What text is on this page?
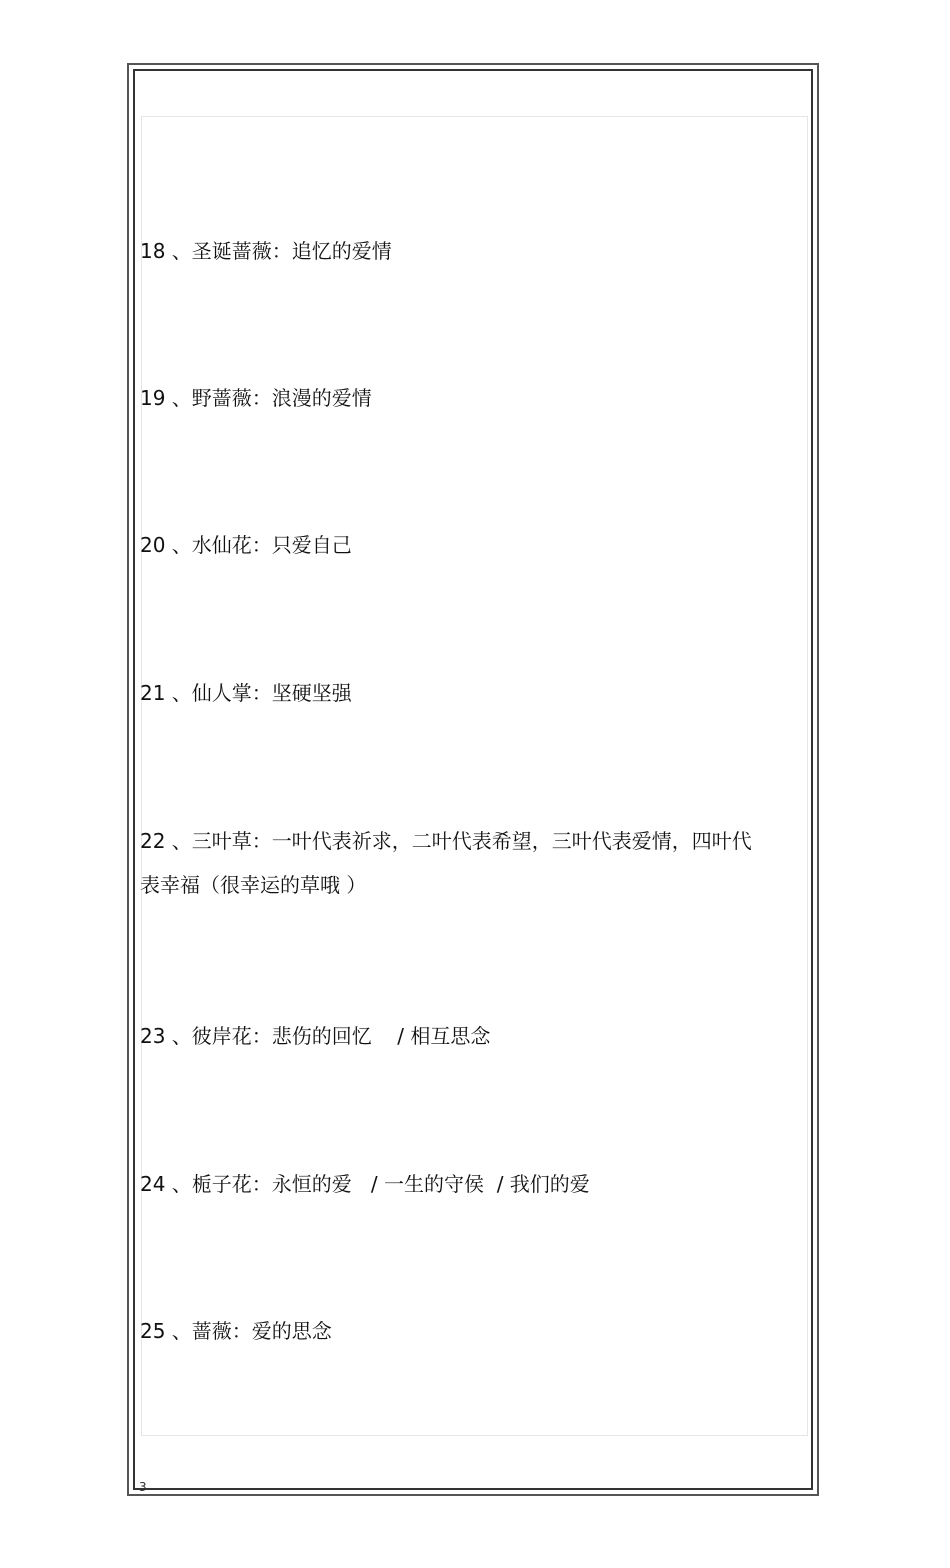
18 、圣诞蔷薇：追忆的爱情

19 、野蔷薇：浪漫的爱情

20 、水仙花：只爱自己

21 、仙人掌：坚硬坚强

22 、三叶草：一叶代表祈求，二叶代表希望，三叶代表爱情，四叶代表幸福（很幸运的草哦 ）

23 、彼岸花：悲伤的回忆    / 相互思念

24 、栀子花：永恒的爱   / 一生的守侯  / 我们的爱

25 、蔷薇：爱的思念

3
